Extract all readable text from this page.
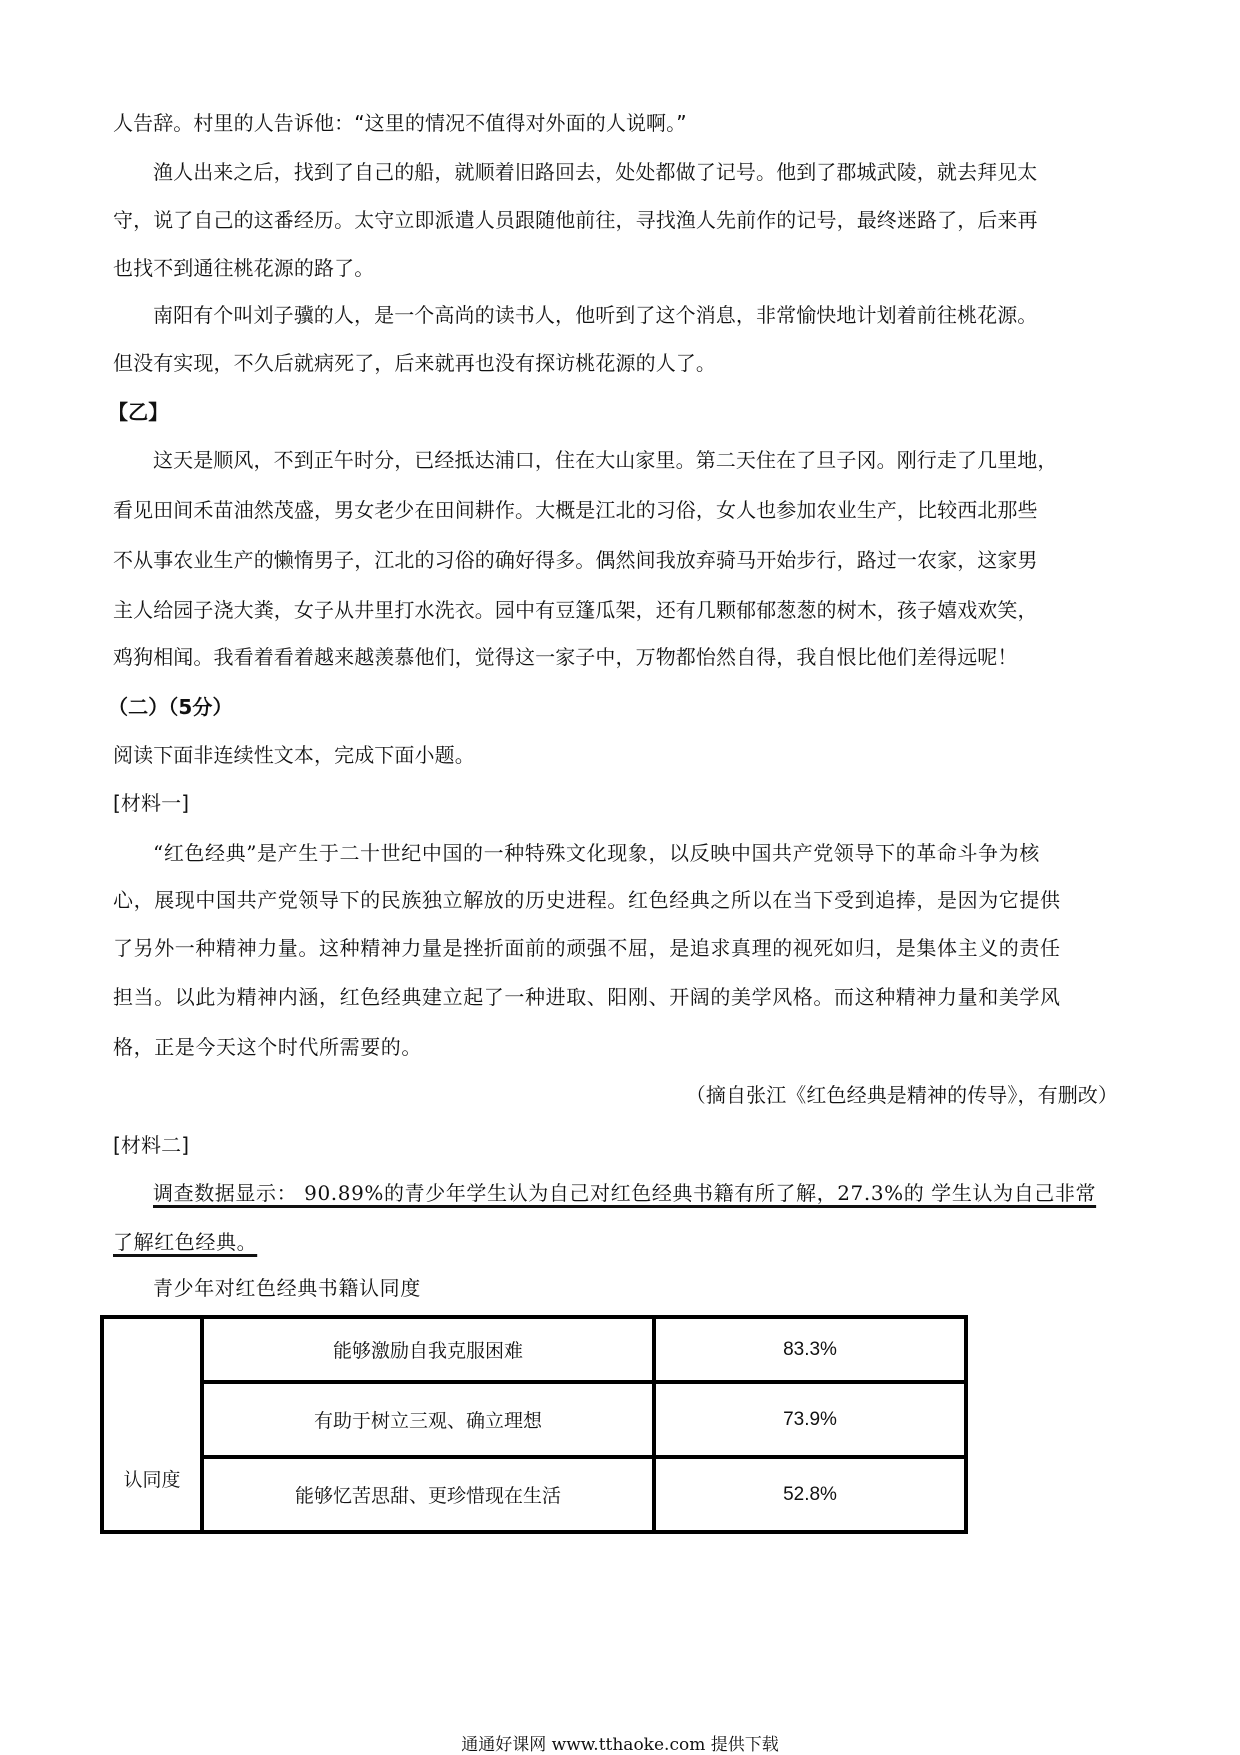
人告辞。村里的人告诉他：“这里的情况不值得对外面的人说啊。”
渔人出来之后，找到了自己的船，就顺着旧路回去，处处都做了记号。他到了郡城武陵，就去拜见太
守，说了自己的这番经历。太守立即派遣人员跟随他前往，寻找渔人先前作的记号，最终迷路了，后来再
也找不到通往桃花源的路了。
南阳有个叫刘子骥的人，是一个高尚的读书人，他听到了这个消息，非常愉快地计划着前往桃花源。
但没有实现，不久后就病死了，后来就再也没有探访桃花源的人了。
【乙】
这天是顺风，不到正午时分，已经抵达浦口，住在大山家里。第二天住在了旦子冈。刚行走了几里地，
看见田间禾苗油然茂盛，男女老少在田间耕作。大概是江北的习俗，女人也参加农业生产，比较西北那些
不从事农业生产的懒惰男子，江北的习俗的确好得多。偶然间我放弃骑马开始步行，路过一农家，这家男
主人给园子浇大粪，女子从井里打水洗衣。园中有豆篷瓜架，还有几颗郁郁葱葱的树木，孩子嬉戏欢笑，
鸡狗相闻。我看着看着越来越羡慕他们，觉得这一家子中，万物都怡然自得，我自恨比他们差得远呢！
（二）（5分）
阅读下面非连续性文本，完成下面小题。
[材料一]
“红色经典”是产生于二十世纪中国的一种特殊文化现象，以反映中国共产党领导下的革命斗争为核
心，展现中国共产党领导下的民族独立解放的历史进程。红色经典之所以在当下受到追捧，是因为它提供
了另外一种精神力量。这种精神力量是挫折面前的顽强不屈，是追求真理的视死如归，是集体主义的责任
担当。以此为精神内涵，红色经典建立起了一种进取、阳刚、开阔的美学风格。而这种精神力量和美学风
格，正是今天这个时代所需要的。
（摘自张江《红色经典是精神的传导》，有删改）
[材料二]
调查数据显示： 90.89%的青少年学生认为自己对红色经典书籍有所了解，27.3%的 学生认为自己非常
了解红色经典。
青少年对红色经典书籍认同度
认同度	能够激励自我克服困难	83.3%
	有助于树立三观、确立理想	73.9%
	能够忆苦思甜、更珍惜现在生活	52.8%
通通好课网 www.tthaoke.com 提供下载
